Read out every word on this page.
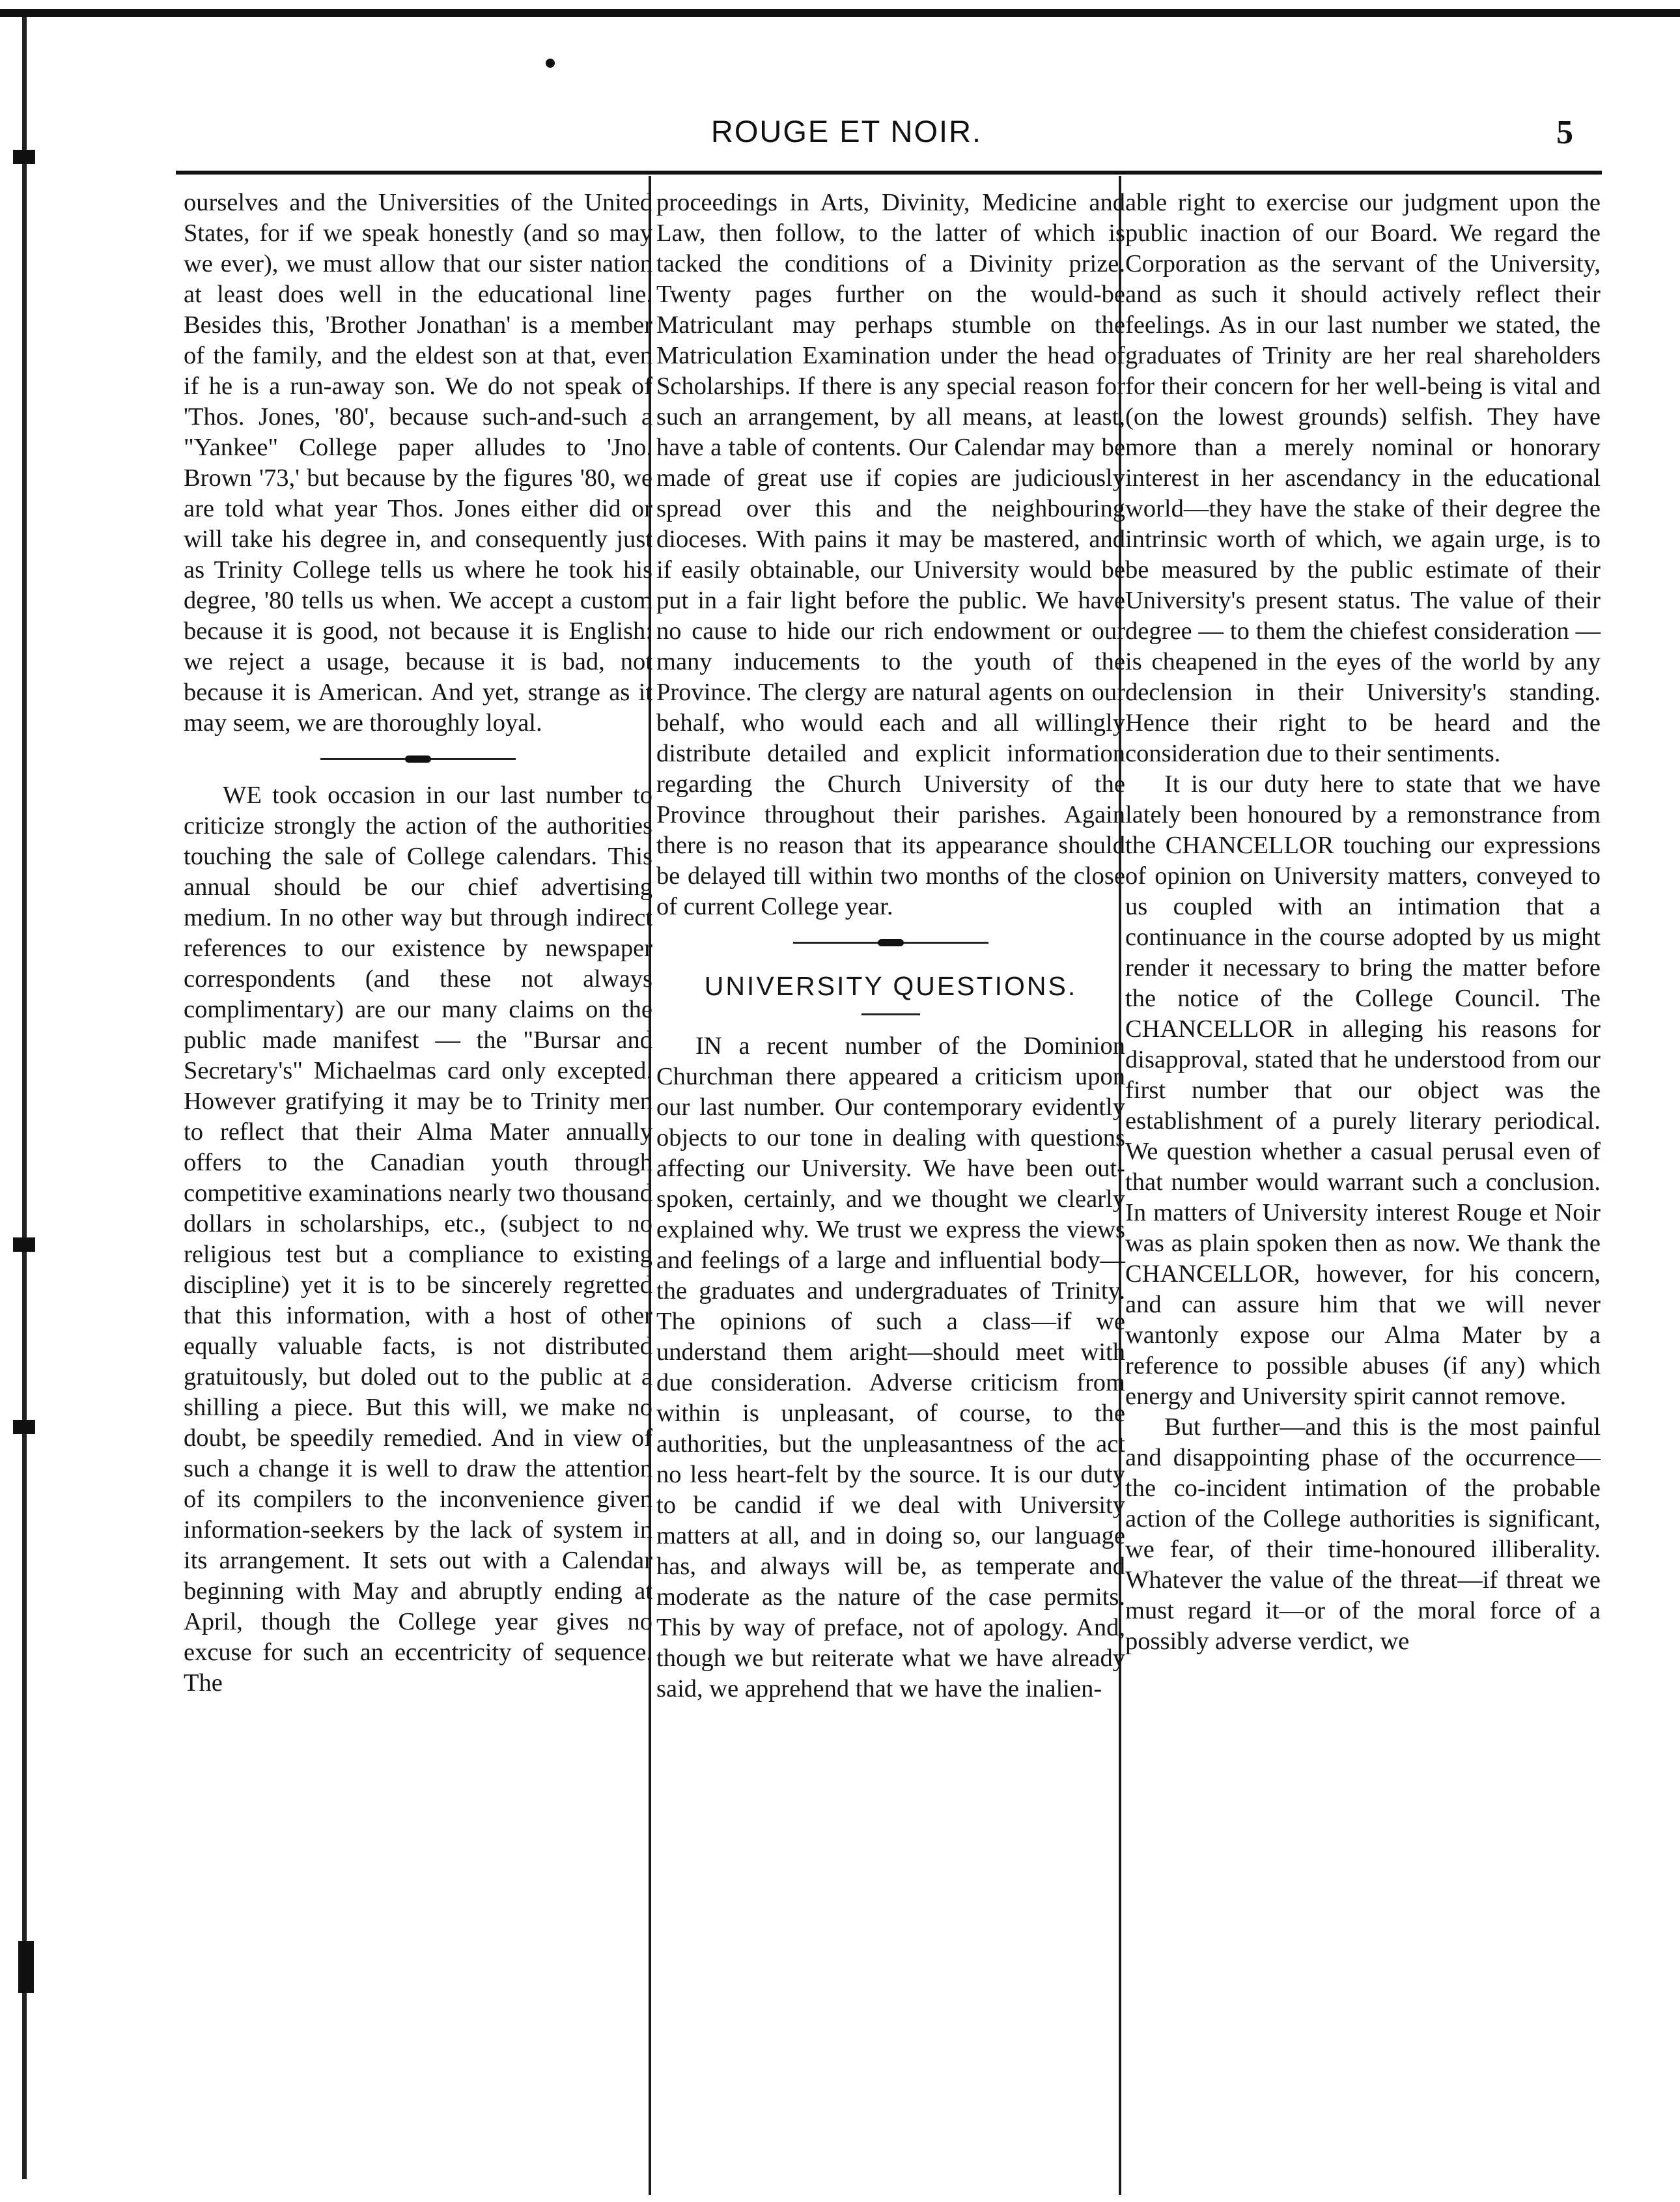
ROUGE ET NOIR.	5

ourselves and the Universities of the United States, for if we speak honestly (and so may we ever), we must allow that our sister nation at least does well in the educational line. Besides this, 'Brother Jonathan' is a member of the family, and the eldest son at that, even if he is a run-away son. We do not speak of 'Thos. Jones, '80', because such-and-such a "Yankee" College paper alludes to 'Jno. Brown '73,' but because by the figures '80, we are told what year Thos. Jones either did or will take his degree in, and consequently just as Trinity College tells us where he took his degree, '80 tells us when. We accept a custom because it is good, not because it is English: we reject a usage, because it is bad, not because it is American. And yet, strange as it may seem, we are thoroughly loyal.

WE took occasion in our last number to criticize strongly the action of the authorities touching the sale of College calendars. This annual should be our chief advertising medium. In no other way but through indirect references to our existence by newspaper correspondents (and these not always complimentary) are our many claims on the public made manifest — the "Bursar and Secretary's" Michaelmas card only excepted. However gratifying it may be to Trinity men to reflect that their Alma Mater annually offers to the Canadian youth through competitive examinations nearly two thousand dollars in scholarships, etc., (subject to no religious test but a compliance to existing discipline) yet it is to be sincerely regretted that this information, with a host of other equally valuable facts, is not distributed gratuitously, but doled out to the public at a shilling a piece. But this will, we make no doubt, be speedily remedied. And in view of such a change it is well to draw the attention of its compilers to the inconvenience given information-seekers by the lack of system in its arrangement. It sets out with a Calendar beginning with May and abruptly ending at April, though the College year gives no excuse for such an eccentricity of sequence. The

proceedings in Arts, Divinity, Medicine and Law, then follow, to the latter of which is tacked the conditions of a Divinity prize. Twenty pages further on the would-be Matriculant may perhaps stumble on the Matriculation Examination under the head of Scholarships. If there is any special reason for such an arrangement, by all means, at least, have a table of contents. Our Calendar may be made of great use if copies are judiciously spread over this and the neighbouring dioceses. With pains it may be mastered, and if easily obtainable, our University would be put in a fair light before the public. We have no cause to hide our rich endowment or our many inducements to the youth of the Province. The clergy are natural agents on our behalf, who would each and all willingly distribute detailed and explicit information regarding the Church University of the Province throughout their parishes. Again there is no reason that its appearance should be delayed till within two months of the close of current College year.

UNIVERSITY QUESTIONS.

IN a recent number of the Dominion Churchman there appeared a criticism upon our last number. Our contemporary evidently objects to our tone in dealing with questions affecting our University. We have been out-spoken, certainly, and we thought we clearly explained why. We trust we express the views and feelings of a large and influential body—the graduates and undergraduates of Trinity. The opinions of such a class—if we understand them aright—should meet with due consideration. Adverse criticism from within is unpleasant, of course, to the authorities, but the unpleasantness of the act no less heart-felt by the source. It is our duty to be candid if we deal with University matters at all, and in doing so, our language has, and always will be, as temperate and moderate as the nature of the case permits. This by way of preface, not of apology. And, though we but reiterate what we have already said, we apprehend that we have the inalien-

able right to exercise our judgment upon the public inaction of our Board. We regard the Corporation as the servant of the University, and as such it should actively reflect their feelings. As in our last number we stated, the graduates of Trinity are her real shareholders for their concern for her well-being is vital and (on the lowest grounds) selfish. They have more than a merely nominal or honorary interest in her ascendancy in the educational world—they have the stake of their degree the intrinsic worth of which, we again urge, is to be measured by the public estimate of their University's present status. The value of their degree — to them the chiefest consideration — is cheapened in the eyes of the world by any declension in their University's standing. Hence their right to be heard and the consideration due to their sentiments.

It is our duty here to state that we have lately been honoured by a remonstrance from the CHANCELLOR touching our expressions of opinion on University matters, conveyed to us coupled with an intimation that a continuance in the course adopted by us might render it necessary to bring the matter before the notice of the College Council. The CHANCELLOR in alleging his reasons for disapproval, stated that he understood from our first number that our object was the establishment of a purely literary periodical. We question whether a casual perusal even of that number would warrant such a conclusion. In matters of University interest Rouge et Noir was as plain spoken then as now. We thank the CHANCELLOR, however, for his concern, and can assure him that we will never wantonly expose our Alma Mater by a reference to possible abuses (if any) which energy and University spirit cannot remove.

But further—and this is the most painful and disappointing phase of the occurrence—the co-incident intimation of the probable action of the College authorities is significant, we fear, of their time-honoured illiberality. Whatever the value of the threat—if threat we must regard it—or of the moral force of a possibly adverse verdict, we
